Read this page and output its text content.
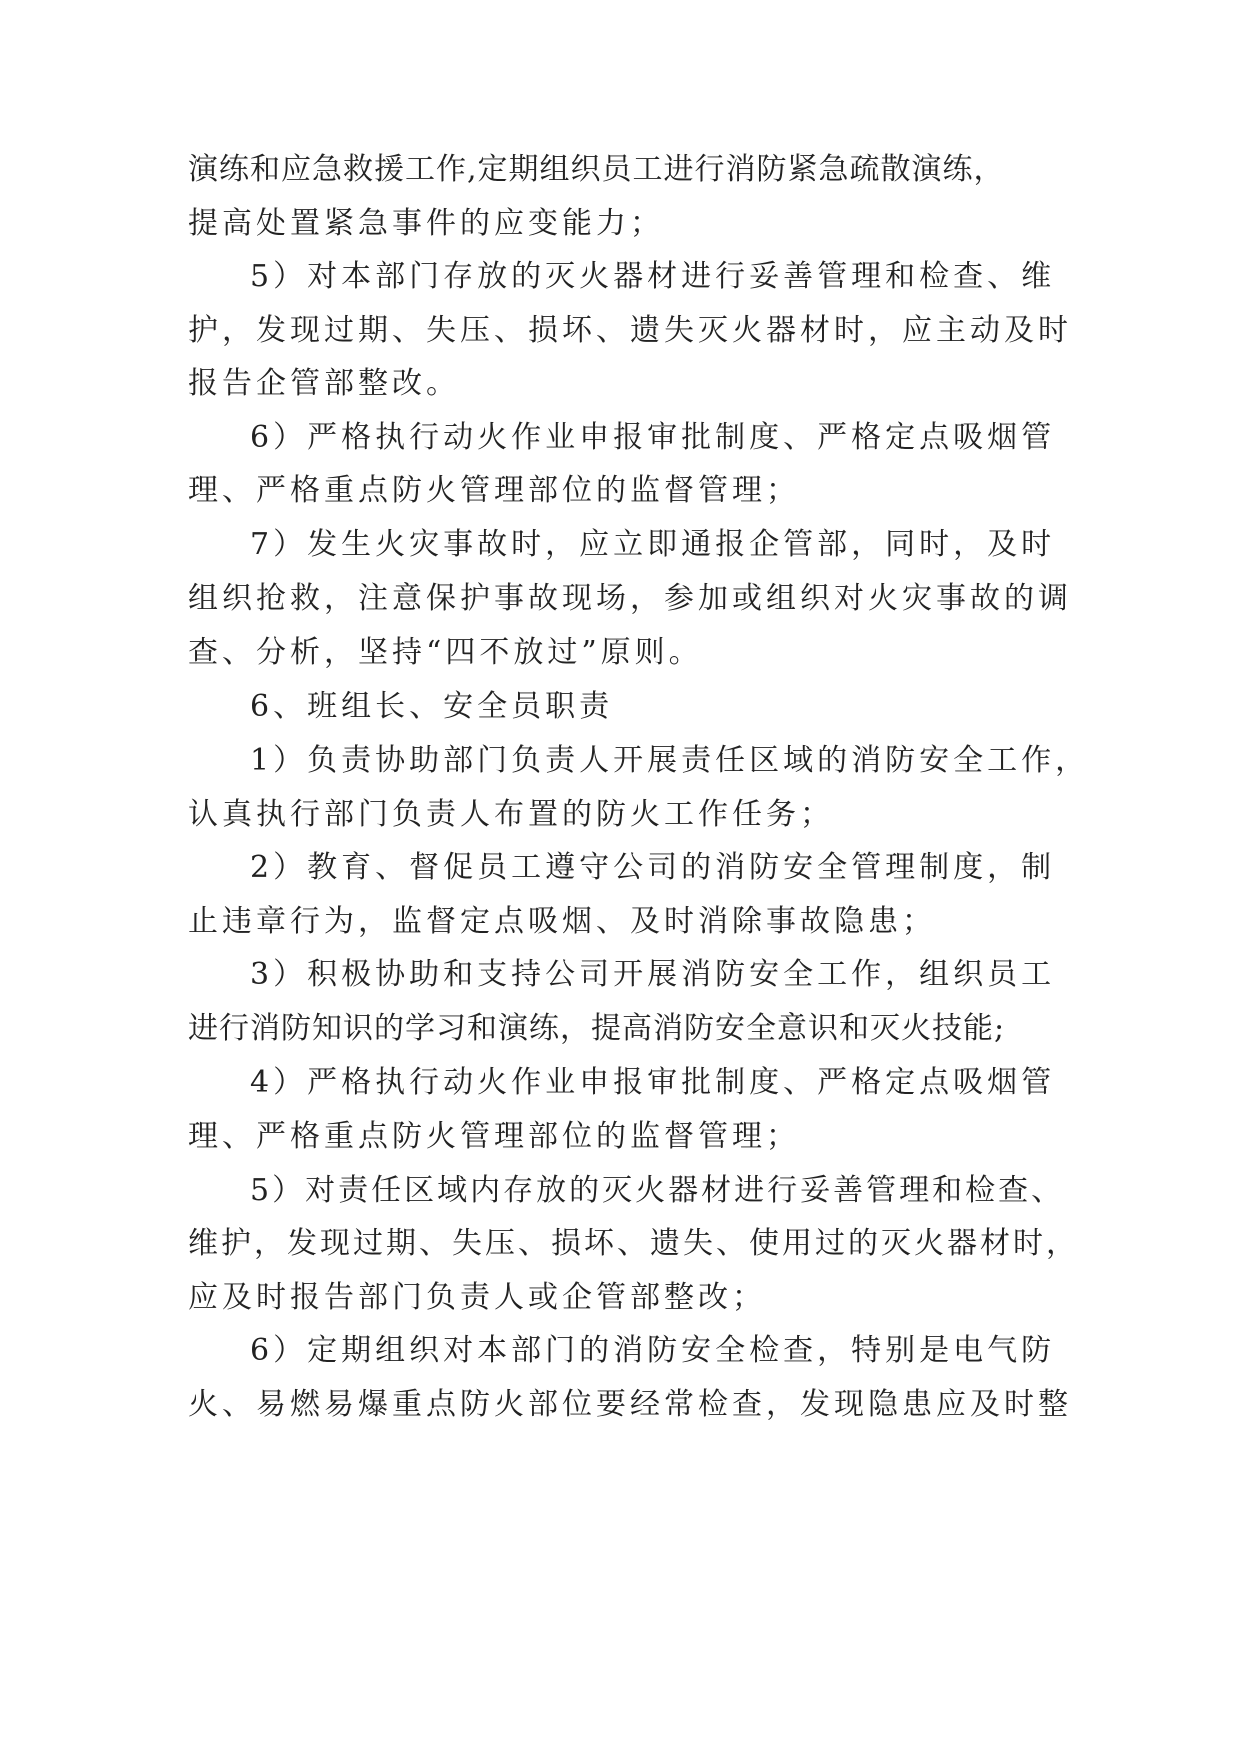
演练和应急救援工作,定期组织员工进行消防紧急疏散演练，
提高处置紧急事件的应变能力；
5）对本部门存放的灭火器材进行妥善管理和检查、维
护，发现过期、失压、损坏、遗失灭火器材时，应主动及时
报告企管部整改。
6）严格执行动火作业申报审批制度、严格定点吸烟管
理、严格重点防火管理部位的监督管理；
7）发生火灾事故时，应立即通报企管部，同时，及时
组织抢救，注意保护事故现场，参加或组织对火灾事故的调
查、分析，坚持“四不放过”原则。
6、班组长、安全员职责
1）负责协助部门负责人开展责任区域的消防安全工作，
认真执行部门负责人布置的防火工作任务；
2）教育、督促员工遵守公司的消防安全管理制度，制
止违章行为，监督定点吸烟、及时消除事故隐患；
3）积极协助和支持公司开展消防安全工作，组织员工
进行消防知识的学习和演练，提高消防安全意识和灭火技能;
4）严格执行动火作业申报审批制度、严格定点吸烟管
理、严格重点防火管理部位的监督管理；
5）对责任区域内存放的灭火器材进行妥善管理和检查、
维护，发现过期、失压、损坏、遗失、使用过的灭火器材时，
应及时报告部门负责人或企管部整改；
6）定期组织对本部门的消防安全检查，特别是电气防
火、易燃易爆重点防火部位要经常检查，发现隐患应及时整
